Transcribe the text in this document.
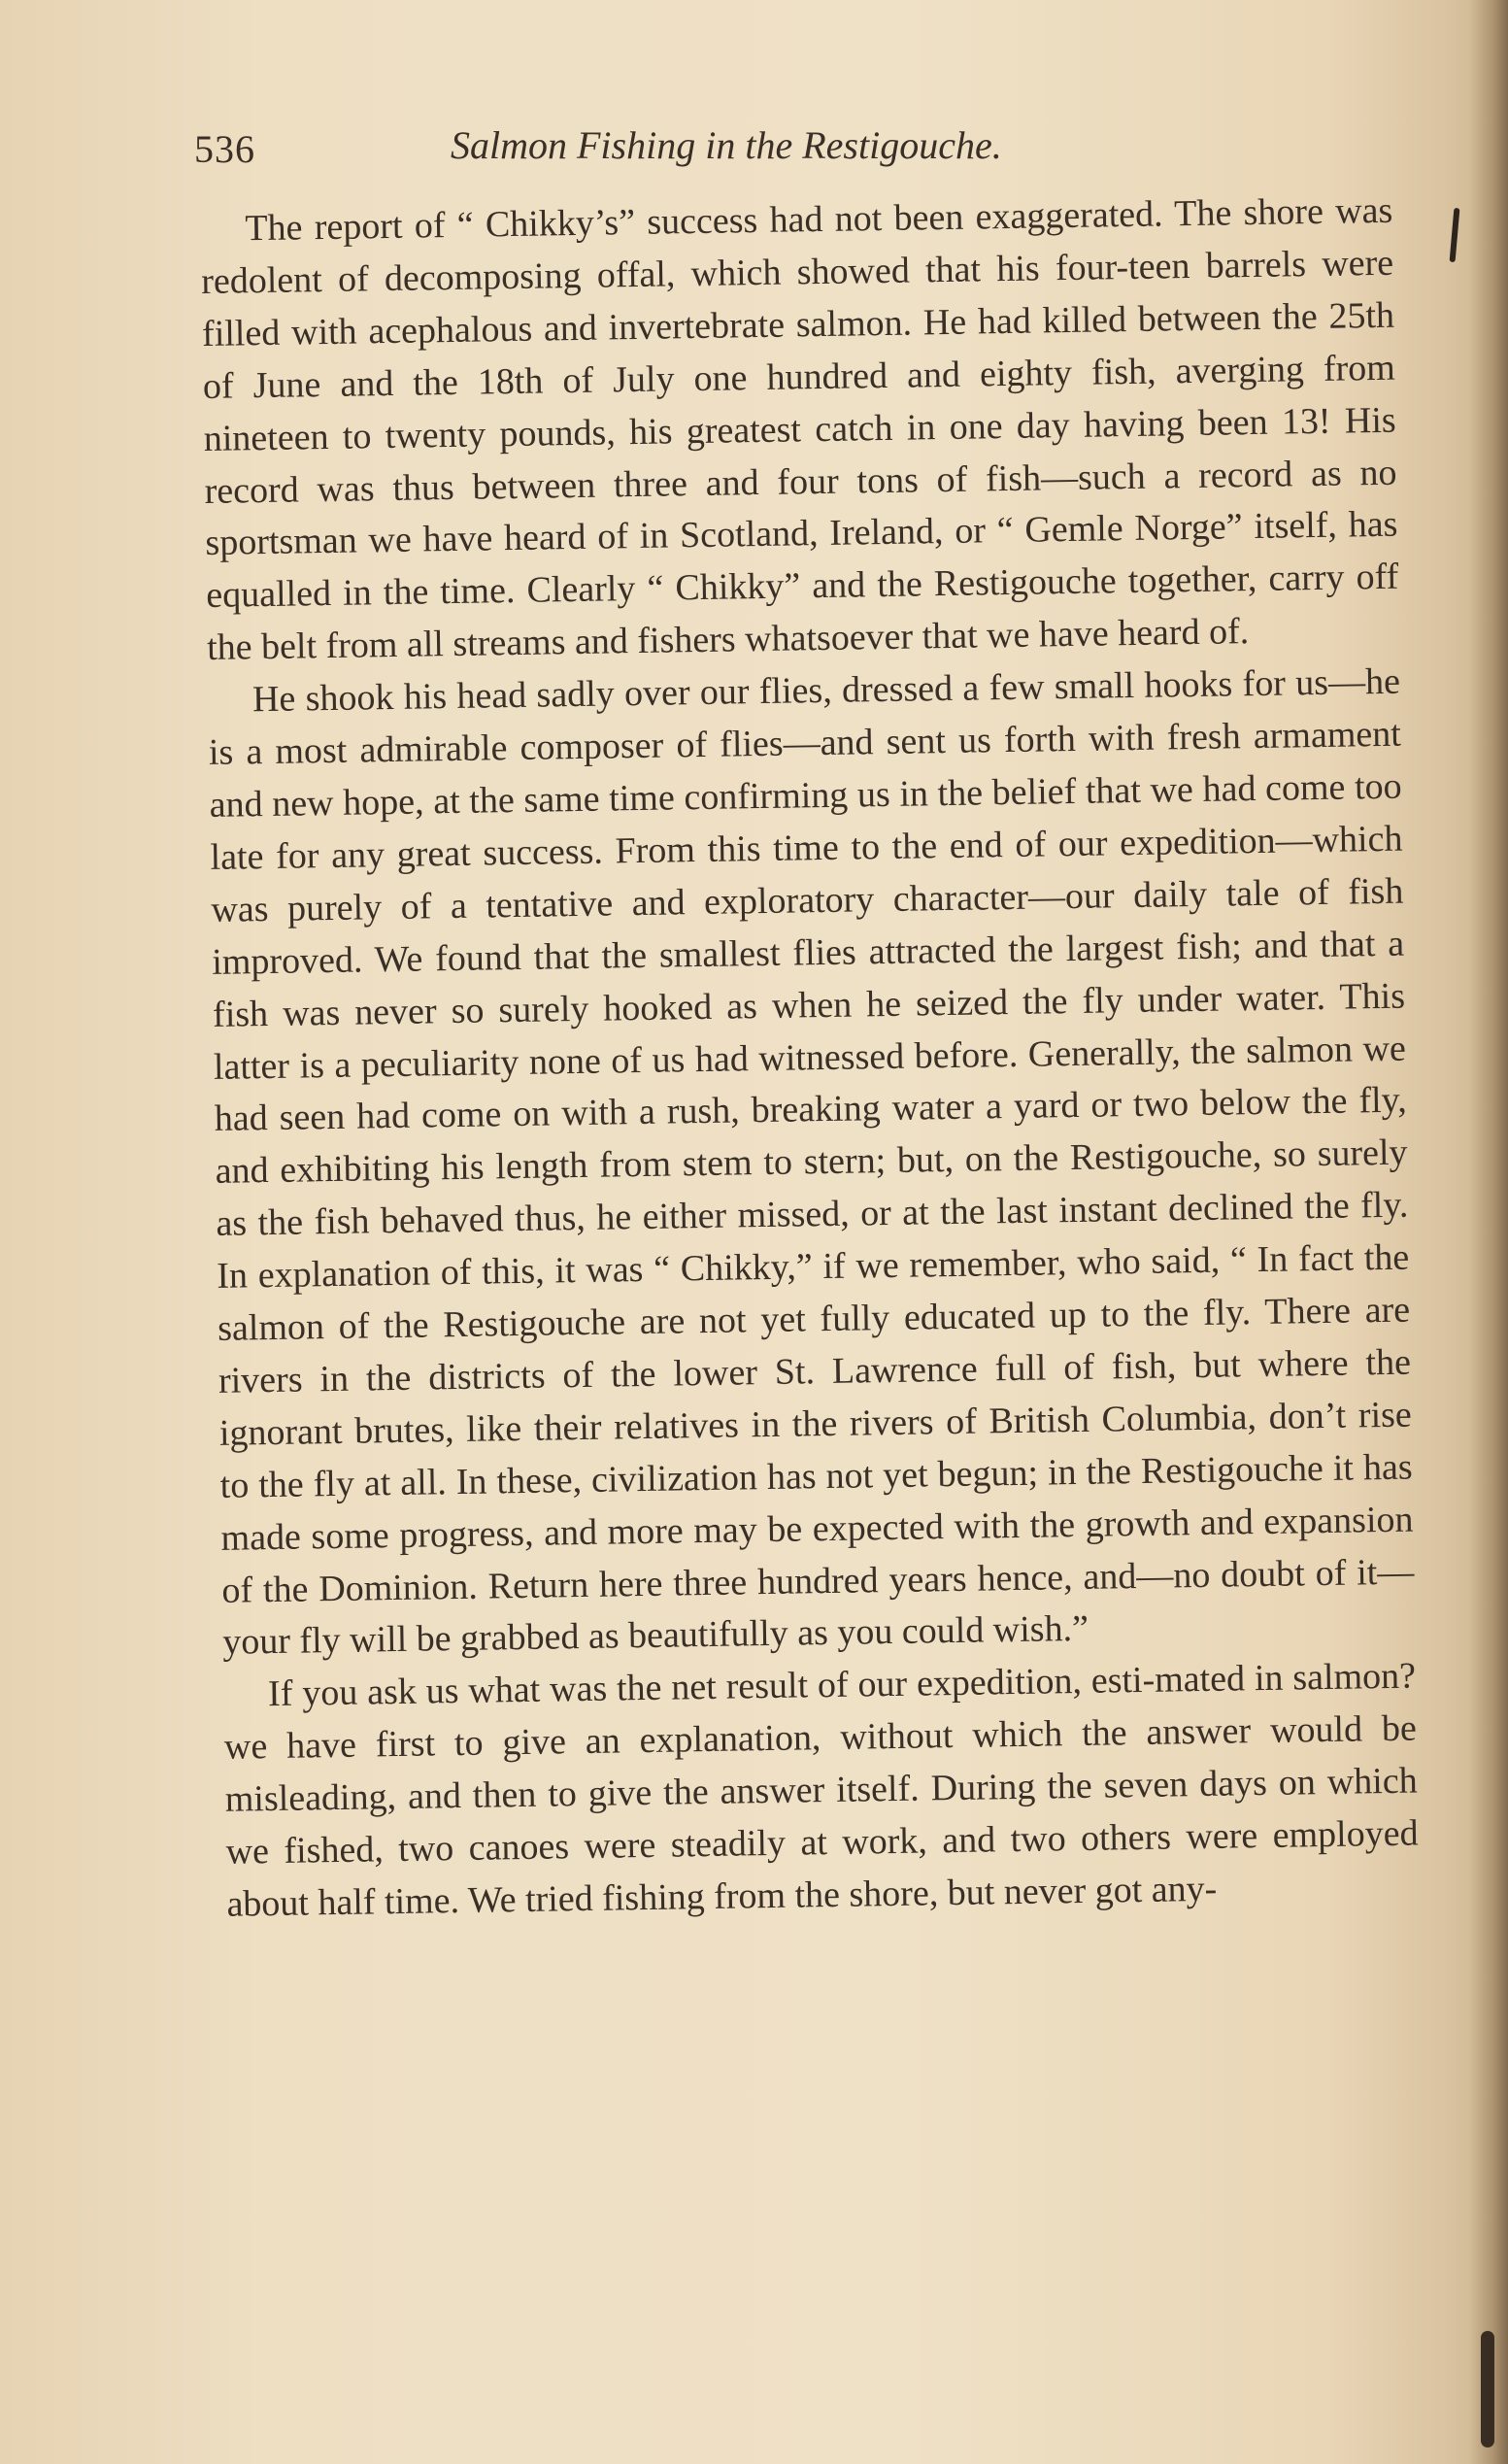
536	Salmon Fishing in the Restigouche.

The report of “ Chikky’s” success had not been exaggerated. The shore was redolent of decomposing offal, which showed that his four-teen barrels were filled with acephalous and invertebrate salmon. He had killed between the 25th of June and the 18th of July one hundred and eighty fish, averging from nineteen to twenty pounds, his greatest catch in one day having been 13! His record was thus between three and four tons of fish—such a record as no sportsman we have heard of in Scotland, Ireland, or “ Gemle Norge” itself, has equalled in the time. Clearly “ Chikky” and the Restigouche together, carry off the belt from all streams and fishers whatsoever that we have heard of.

He shook his head sadly over our flies, dressed a few small hooks for us—he is a most admirable composer of flies—and sent us forth with fresh armament and new hope, at the same time confirming us in the belief that we had come too late for any great success. From this time to the end of our expedition—which was purely of a tentative and exploratory character—our daily tale of fish improved. We found that the smallest flies attracted the largest fish; and that a fish was never so surely hooked as when he seized the fly under water. This latter is a peculiarity none of us had witnessed before. Generally, the salmon we had seen had come on with a rush, breaking water a yard or two below the fly, and exhibiting his length from stem to stern; but, on the Restigouche, so surely as the fish behaved thus, he either missed, or at the last instant declined the fly. In explanation of this, it was “ Chikky,” if we remember, who said, “ In fact the salmon of the Restigouche are not yet fully educated up to the fly. There are rivers in the districts of the lower St. Lawrence full of fish, but where the ignorant brutes, like their relatives in the rivers of British Columbia, don’t rise to the fly at all. In these, civilization has not yet begun; in the Restigouche it has made some progress, and more may be expected with the growth and expansion of the Dominion. Return here three hundred years hence, and—no doubt of it—your fly will be grabbed as beautifully as you could wish.”

If you ask us what was the net result of our expedition, esti-mated in salmon? we have first to give an explanation, without which the answer would be misleading, and then to give the answer itself. During the seven days on which we fished, two canoes were steadily at work, and two others were employed about half time. We tried fishing from the shore, but never got any-
